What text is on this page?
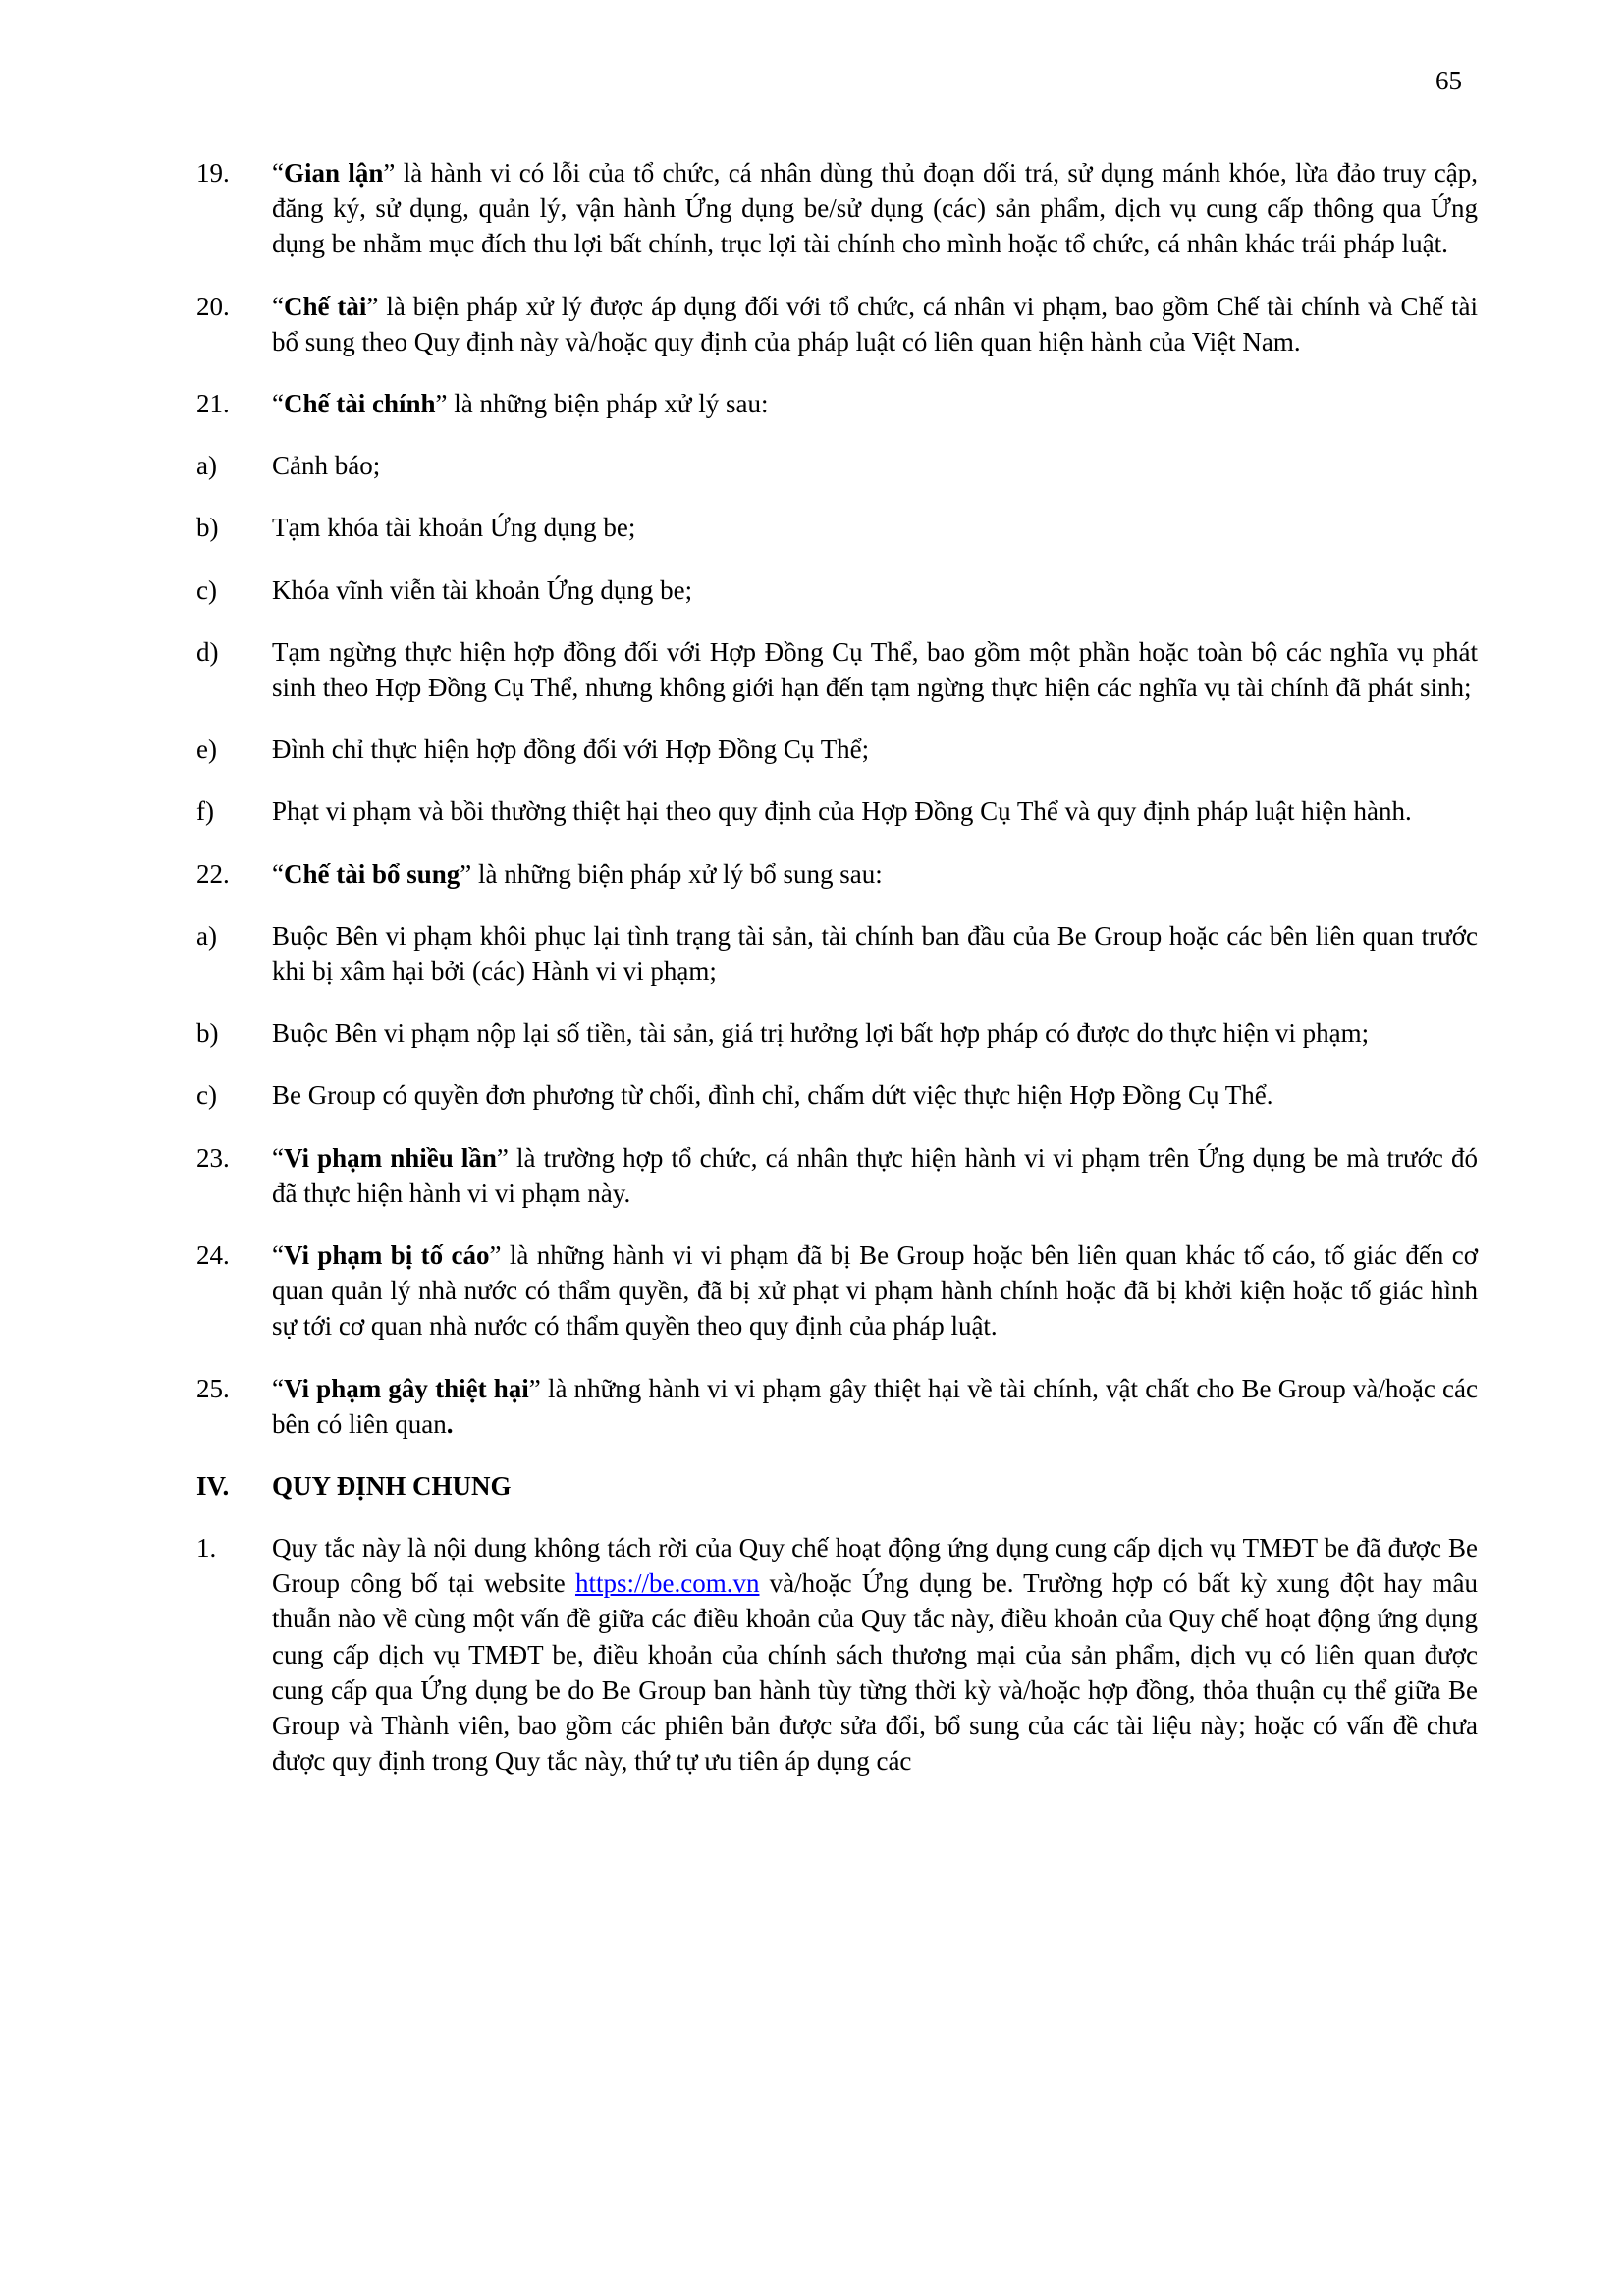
65
19.	“Gian lận” là hành vi có lỗi của tổ chức, cá nhân dùng thủ đoạn dối trá, sử dụng mánh khóe, lừa đảo truy cập, đăng ký, sử dụng, quản lý, vận hành Ứng dụng be/sử dụng (các) sản phẩm, dịch vụ cung cấp thông qua Ứng dụng be nhằm mục đích thu lợi bất chính, trục lợi tài chính cho mình hoặc tổ chức, cá nhân khác trái pháp luật.
20.	“Chế tài” là biện pháp xử lý được áp dụng đối với tổ chức, cá nhân vi phạm, bao gồm Chế tài chính và Chế tài bổ sung theo Quy định này và/hoặc quy định của pháp luật có liên quan hiện hành của Việt Nam.
21.	“Chế tài chính” là những biện pháp xử lý sau:
a)	Cảnh báo;
b)	Tạm khóa tài khoản Ứng dụng be;
c)	Khóa vĩnh viễn tài khoản Ứng dụng be;
d)	Tạm ngừng thực hiện hợp đồng đối với Hợp Đồng Cụ Thể, bao gồm một phần hoặc toàn bộ các nghĩa vụ phát sinh theo Hợp Đồng Cụ Thể, nhưng không giới hạn đến tạm ngừng thực hiện các nghĩa vụ tài chính đã phát sinh;
e)	Đình chỉ thực hiện hợp đồng đối với Hợp Đồng Cụ Thể;
f)	Phạt vi phạm và bồi thường thiệt hại theo quy định của Hợp Đồng Cụ Thể và quy định pháp luật hiện hành.
22.	“Chế tài bổ sung” là những biện pháp xử lý bổ sung sau:
a)	Buộc Bên vi phạm khôi phục lại tình trạng tài sản, tài chính ban đầu của Be Group hoặc các bên liên quan trước khi bị xâm hại bởi (các) Hành vi vi phạm;
b)	Buộc Bên vi phạm nộp lại số tiền, tài sản, giá trị hưởng lợi bất hợp pháp có được do thực hiện vi phạm;
c)	Be Group có quyền đơn phương từ chối, đình chỉ, chấm dứt việc thực hiện Hợp Đồng Cụ Thể.
23.	“Vi phạm nhiều lần” là trường hợp tổ chức, cá nhân thực hiện hành vi vi phạm trên Ứng dụng be mà trước đó đã thực hiện hành vi vi phạm này.
24.	“Vi phạm bị tố cáo” là những hành vi vi phạm đã bị Be Group hoặc bên liên quan khác tố cáo, tố giác đến cơ quan quản lý nhà nước có thẩm quyền, đã bị xử phạt vi phạm hành chính hoặc đã bị khởi kiện hoặc tố giác hình sự tới cơ quan nhà nước có thẩm quyền theo quy định của pháp luật.
25.	“Vi phạm gây thiệt hại” là những hành vi vi phạm gây thiệt hại về tài chính, vật chất cho Be Group và/hoặc các bên có liên quan.
IV.	QUY ĐỊNH CHUNG
1.	Quy tắc này là nội dung không tách rời của Quy chế hoạt động ứng dụng cung cấp dịch vụ TMĐT be đã được Be Group công bố tại website https://be.com.vn và/hoặc Ứng dụng be. Trường hợp có bất kỳ xung đột hay mâu thuẫn nào về cùng một vấn đề giữa các điều khoản của Quy tắc này, điều khoản của Quy chế hoạt động ứng dụng cung cấp dịch vụ TMĐT be, điều khoản của chính sách thương mại của sản phẩm, dịch vụ có liên quan được cung cấp qua Ứng dụng be do Be Group ban hành tùy từng thời kỳ và/hoặc hợp đồng, thỏa thuận cụ thể giữa Be Group và Thành viên, bao gồm các phiên bản được sửa đổi, bổ sung của các tài liệu này; hoặc có vấn đề chưa được quy định trong Quy tắc này, thứ tự ưu tiên áp dụng các
